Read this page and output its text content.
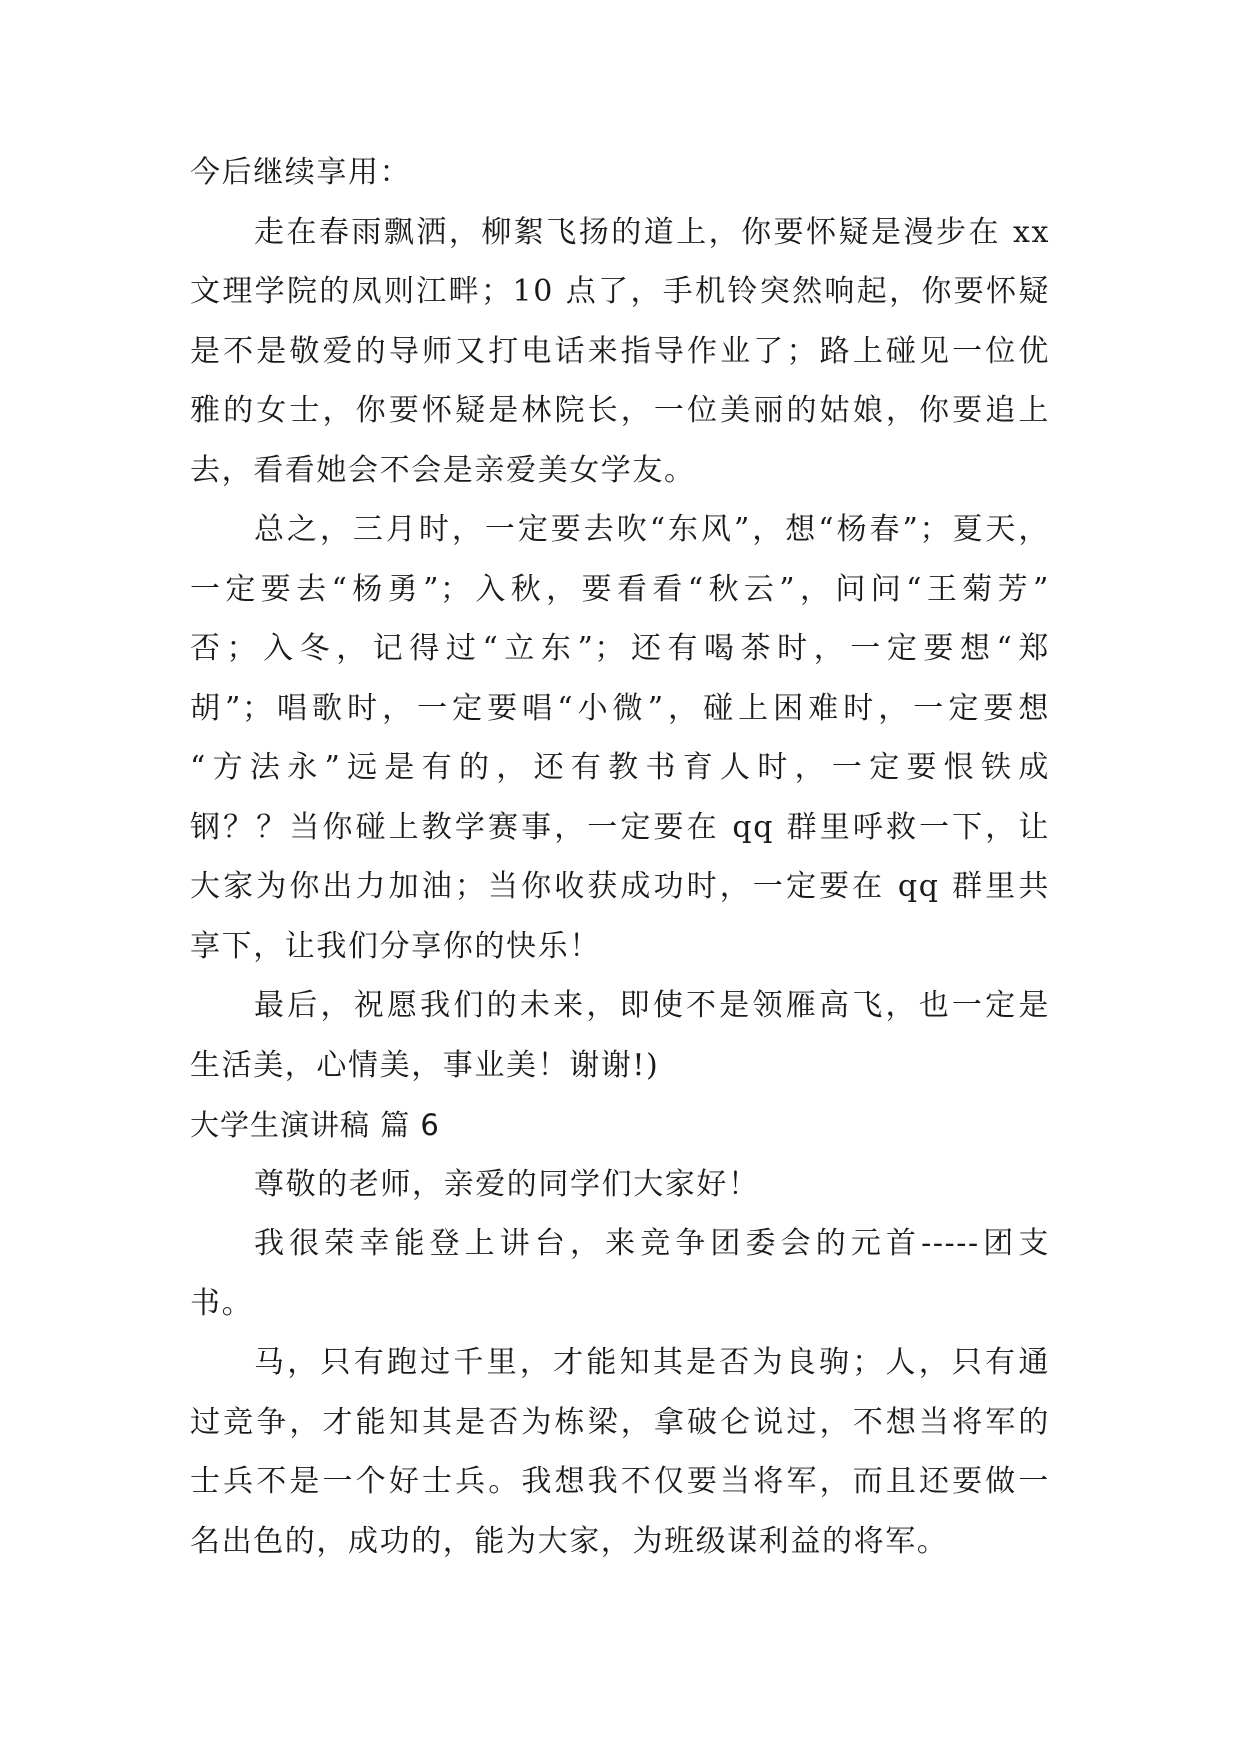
今后继续享用：
走在春雨飘洒，柳絮飞扬的道上，你要怀疑是漫步在 xx
文理学院的凤则江畔；10 点了，手机铃突然响起，你要怀疑
是不是敬爱的导师又打电话来指导作业了；路上碰见一位优
雅的女士，你要怀疑是林院长，一位美丽的姑娘，你要追上
去，看看她会不会是亲爱美女学友。
总之，三月时，一定要去吹“东风”，想“杨春”；夏天，
一定要去“杨勇”；入秋，要看看“秋云”，问问“王菊芳”
否；入冬，记得过“立东”；还有喝茶时，一定要想“郑
胡”；唱歌时，一定要唱“小微”，碰上困难时，一定要想
“方法永”远是有的，还有教书育人时，一定要恨铁成
钢？？当你碰上教学赛事，一定要在 qq 群里呼救一下，让
大家为你出力加油；当你收获成功时，一定要在 qq 群里共
享下，让我们分享你的快乐！
最后，祝愿我们的未来，即使不是领雁高飞，也一定是
生活美，心情美，事业美！谢谢!)
大学生演讲稿 篇 6
尊敬的老师，亲爱的同学们大家好！
我很荣幸能登上讲台，来竞争团委会的元首-----团支
书。
马，只有跑过千里，才能知其是否为良驹；人，只有通
过竞争，才能知其是否为栋梁，拿破仑说过，不想当将军的
士兵不是一个好士兵。我想我不仅要当将军，而且还要做一
名出色的，成功的，能为大家，为班级谋利益的将军。
